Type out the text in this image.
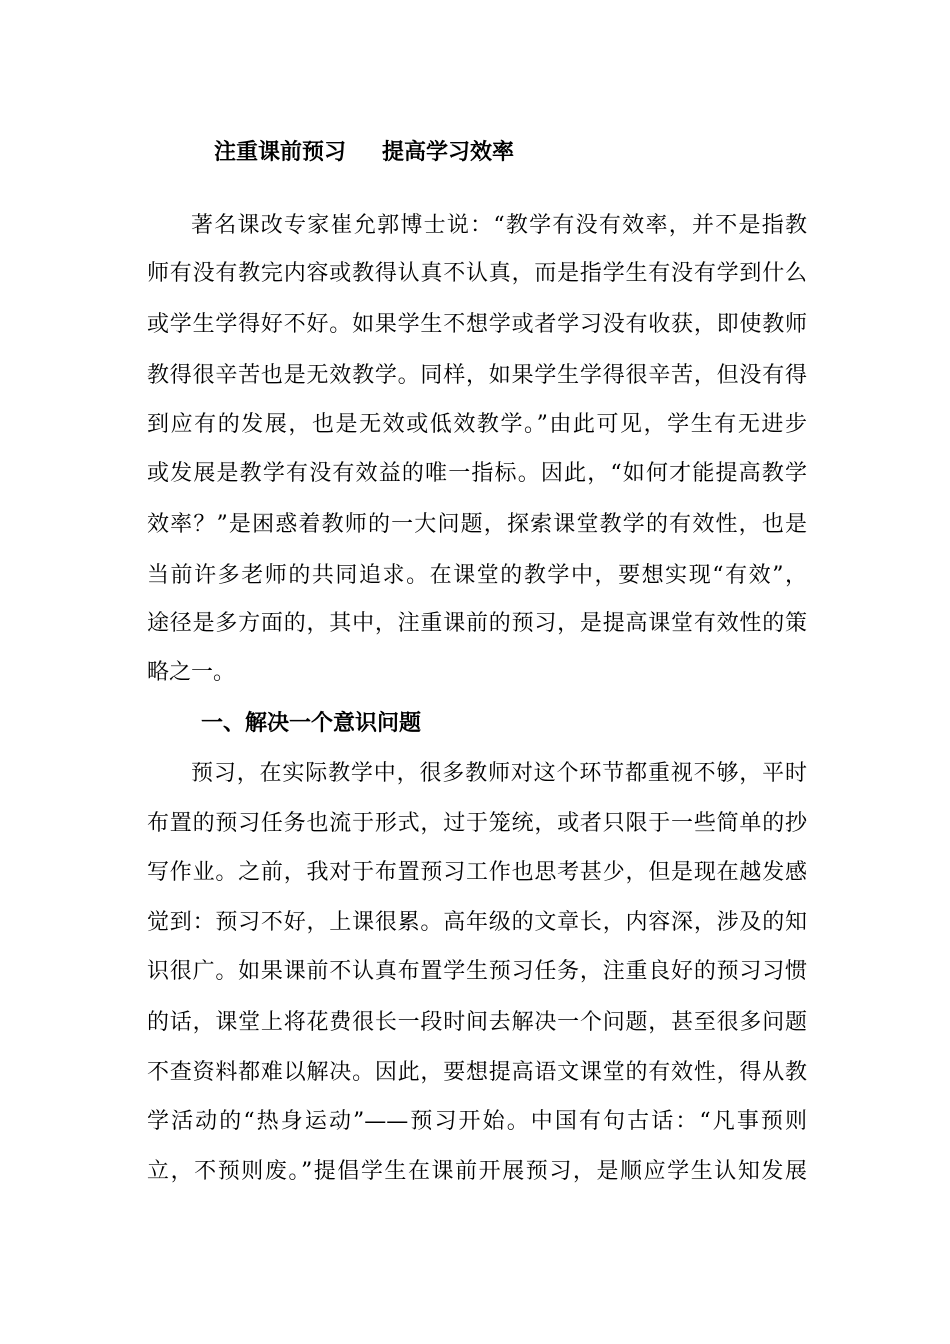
注重课前预习 提高学习效率

著名课改专家崔允郭博士说：“教学有没有效率，并不是指教

师有没有教完内容或教得认真不认真，而是指学生有没有学到什么

或学生学得好不好。如果学生不想学或者学习没有收获，即使教师

教得很辛苦也是无效教学。同样，如果学生学得很辛苦，但没有得

到应有的发展，也是无效或低效教学。”由此可见，学生有无进步

或发展是教学有没有效益的唯一指标。因此，“如何才能提高教学

效率？”是困惑着教师的一大问题，探索课堂教学的有效性，也是

当前许多老师的共同追求。在课堂的教学中，要想实现“有效”，

途径是多方面的，其中，注重课前的预习，是提高课堂有效性的策

略之一。

一、解决一个意识问题

预习，在实际教学中，很多教师对这个环节都重视不够，平时

布置的预习任务也流于形式，过于笼统，或者只限于一些简单的抄

写作业。之前，我对于布置预习工作也思考甚少，但是现在越发感

觉到：预习不好，上课很累。高年级的文章长，内容深，涉及的知

识很广。如果课前不认真布置学生预习任务，注重良好的预习习惯

的话，课堂上将花费很长一段时间去解决一个问题，甚至很多问题

不查资料都难以解决。因此，要想提高语文课堂的有效性，得从教

学活动的“热身运动”——预习开始。中国有句古话：“凡事预则

立，不预则废。”提倡学生在课前开展预习，是顺应学生认知发展
